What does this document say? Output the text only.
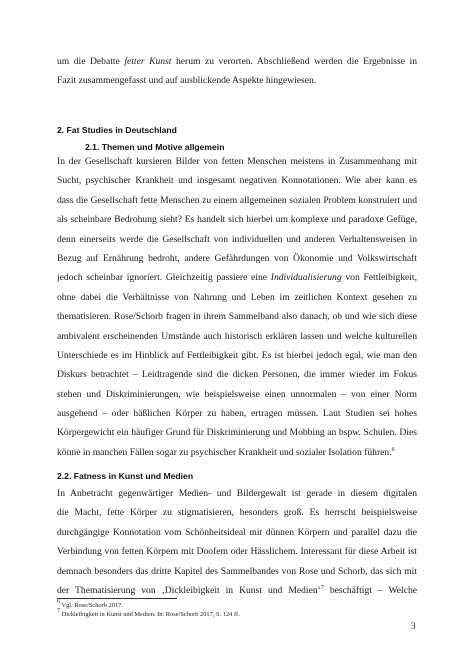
um die Debatte fetter Kunst herum zu verorten. Abschließend werden die Ergebnisse in
Fazit zusammengefasst und auf ausblickende Aspekte hingewiesen.
2. Fat Studies in Deutschland
2.1. Themen und Motive allgemein
In der Gesellschaft kursieren Bilder von fetten Menschen meistens in Zusammenhang mit
Sucht, psychischer Krankheit und insgesamt negativen Konnotationen. Wie aber kann es
dass die Gesellschaft fette Menschen zu einem allgemeinen sozialen Problem konstruiert und
als scheinbare Bedrohung sieht? Es handelt sich hierbei um komplexe und paradoxe Gefüge,
denn einerseits werde die Gesellschaft von individuellen und anderen Verhaltensweisen in
Bezug auf Ernährung bedroht, andere Gefährdungen von Ökonomie und Volkswirtschaft
jedoch scheinbar ignoriert. Gleichzeitig passiere eine Individualisierung von Fettleibigkeit,
ohne dabei die Verhältnisse von Nahrung und Leben im zeitlichen Kontext gesehen zu
thematisieren. Rose/Schorb fragen in ihrem Sammelband also danach, ob und wie sich diese
ambivalent erscheinenden Umstände auch historisch erklären lassen und welche kulturellen
Unterschiede es im Hinblick auf Fettleibigkeit gibt. Es ist hierbei jedoch egal, wie man den
Diskurs betrachtet – Leidtragende sind die dicken Personen, die immer wieder im Fokus
stehen und Diskriminierungen, wie beispielsweise einen unnormalen – von einer Norm
ausgehend – oder häßlichen Körper zu haben, ertragen müssen. Laut Studien sei hohes
Körpergewicht ein häufiger Grund für Diskriminierung und Mobbing an bspw. Schulen. Dies
könne in manchen Fällen sogar zu psychischer Krankheit und sozialer Isolation führen.$^6$
2.2. Fatness in Kunst und Medien
In Anbetracht gegenwärtiger Medien- und Bildergewalt ist gerade in diesem digitalen
die Macht, fette Körper zu stigmatisieren, besonders groß. Es herrscht beispielsweise
durchgängige Konnotation vom Schönheitsideal mit dünnen Körpern und parallel dazu die
Verbindung von fetten Körpern mit Doofem oder Hässlichem. Interessant für diese Arbeit ist
demnach besonders das dritte Kapitel des Sammelbandes von Rose und Schorb, das sich mit
der Thematisierung von ‚Dickleibigkeit in Kunst und Medien‘$^7$ beschäftigt – Welche
$^6$ Vgl. Rose/Schorb 2017.
$^7$ Dickleibigkeit in Kunst und Medien. In: Rose/Schorb 2017, S. 124 ff.
3
